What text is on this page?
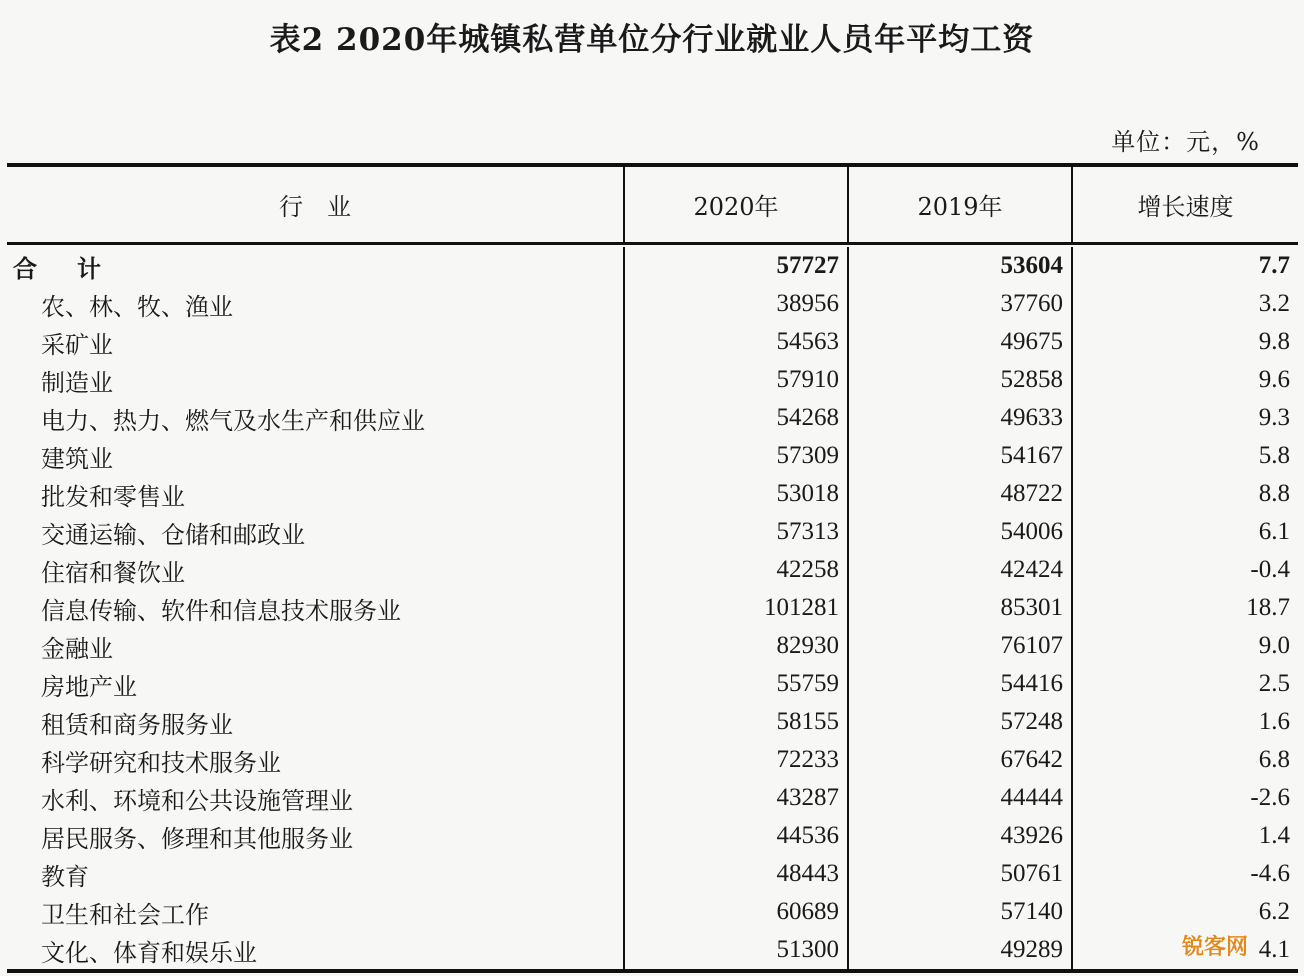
表2 2020年城镇私营单位分行业就业人员年平均工资
单位：元，%
行　业	2020年	2019年	增长速度
合　计	57727	53604	7.7
农、林、牧、渔业	38956	37760	3.2
采矿业	54563	49675	9.8
制造业	57910	52858	9.6
电力、热力、燃气及水生产和供应业	54268	49633	9.3
建筑业	57309	54167	5.8
批发和零售业	53018	48722	8.8
交通运输、仓储和邮政业	57313	54006	6.1
住宿和餐饮业	42258	42424	-0.4
信息传输、软件和信息技术服务业	101281	85301	18.7
金融业	82930	76107	9.0
房地产业	55759	54416	2.5
租赁和商务服务业	58155	57248	1.6
科学研究和技术服务业	72233	67642	6.8
水利、环境和公共设施管理业	43287	44444	-2.6
居民服务、修理和其他服务业	44536	43926	1.4
教育	48443	50761	-4.6
卫生和社会工作	60689	57140	6.2
文化、体育和娱乐业	51300	49289	4.1
锐客网
